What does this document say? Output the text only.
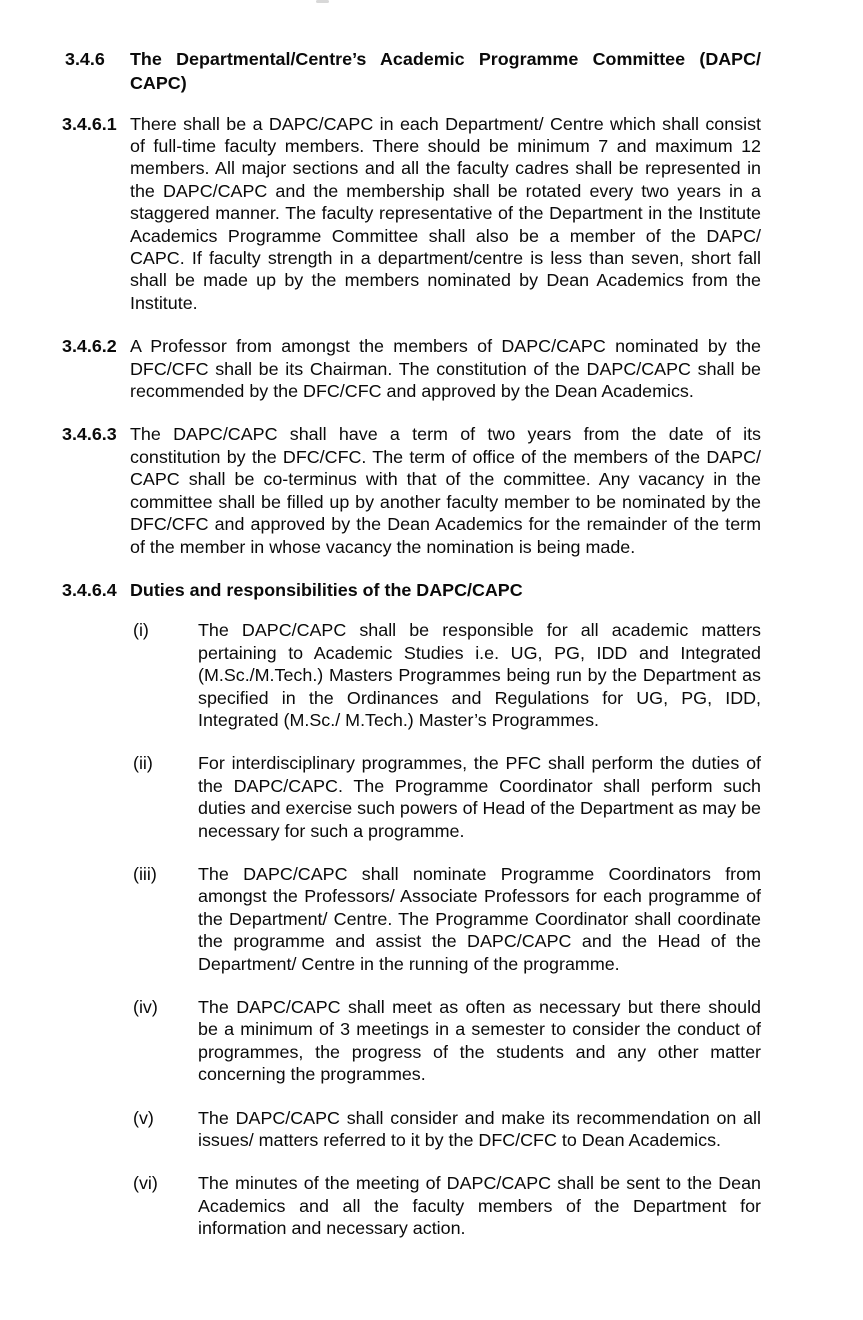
3.4.6	The Departmental/​Centre’s Academic Programme Committee (DAPC/​CAPC)
3.4.6.1 There shall be a DAPC/​CAPC in each Department/​ Centre which shall consist of full-time faculty members. There should be minimum 7 and maximum 12 members. All major sections and all the faculty cadres shall be represented in the DAPC/​CAPC and the membership shall be rotated every two years in a staggered manner. The faculty representative of the Department in the Institute Academics Programme Committee shall also be a member of the DAPC/​CAPC. If faculty strength in a department/​centre is less than seven, short fall shall be made up by the members nominated by Dean Academics from the Institute.
3.4.6.2 A Professor from amongst the members of DAPC/​CAPC nominated by the DFC/​CFC shall be its Chairman. The constitution of the DAPC/​CAPC shall be recommended by the DFC/​CFC and approved by the Dean Academics.
3.4.6.3 The DAPC/​CAPC shall have a term of two years from the date of its constitution by the DFC/​CFC. The term of office of the members of the DAPC/​CAPC shall be co-terminus with that of the committee. Any vacancy in the committee shall be filled up by another faculty member to be nominated by the DFC/​CFC and approved by the Dean Academics for the remainder of the term of the member in whose vacancy the nomination is being made.
3.4.6.4 Duties and responsibilities of the DAPC/​CAPC
(i)	The DAPC/​CAPC shall be responsible for all academic matters pertaining to Academic Studies i.e. UG, PG, IDD and Integrated (M.Sc./​M.Tech.) Masters Programmes being run by the Department as specified in the Ordinances and Regulations for UG, PG, IDD, Integrated (M.Sc./​ M.Tech.) Master’s Programmes.
(ii)	For interdisciplinary programmes, the PFC shall perform the duties of the DAPC/​CAPC. The Programme Coordinator shall perform such duties and exercise such powers of Head of the Department as may be necessary for such a programme.
(iii)	The DAPC/​CAPC shall nominate Programme Coordinators from amongst the Professors/​ Associate Professors for each programme of the Department/​ Centre. The Programme Coordinator shall coordinate the programme and assist the DAPC/​CAPC and the Head of the Department/​ Centre in the running of the programme.
(iv)	The DAPC/​CAPC shall meet as often as necessary but there should be a minimum of 3 meetings in a semester to consider the conduct of programmes, the progress of the students and any other matter concerning the programmes.
(v)	The DAPC/​CAPC shall consider and make its recommendation on all issues/​ matters referred to it by the DFC/​CFC to Dean Academics.
(vi)	The minutes of the meeting of DAPC/​CAPC shall be sent to the Dean Academics and all the faculty members of the Department for information and necessary action.
